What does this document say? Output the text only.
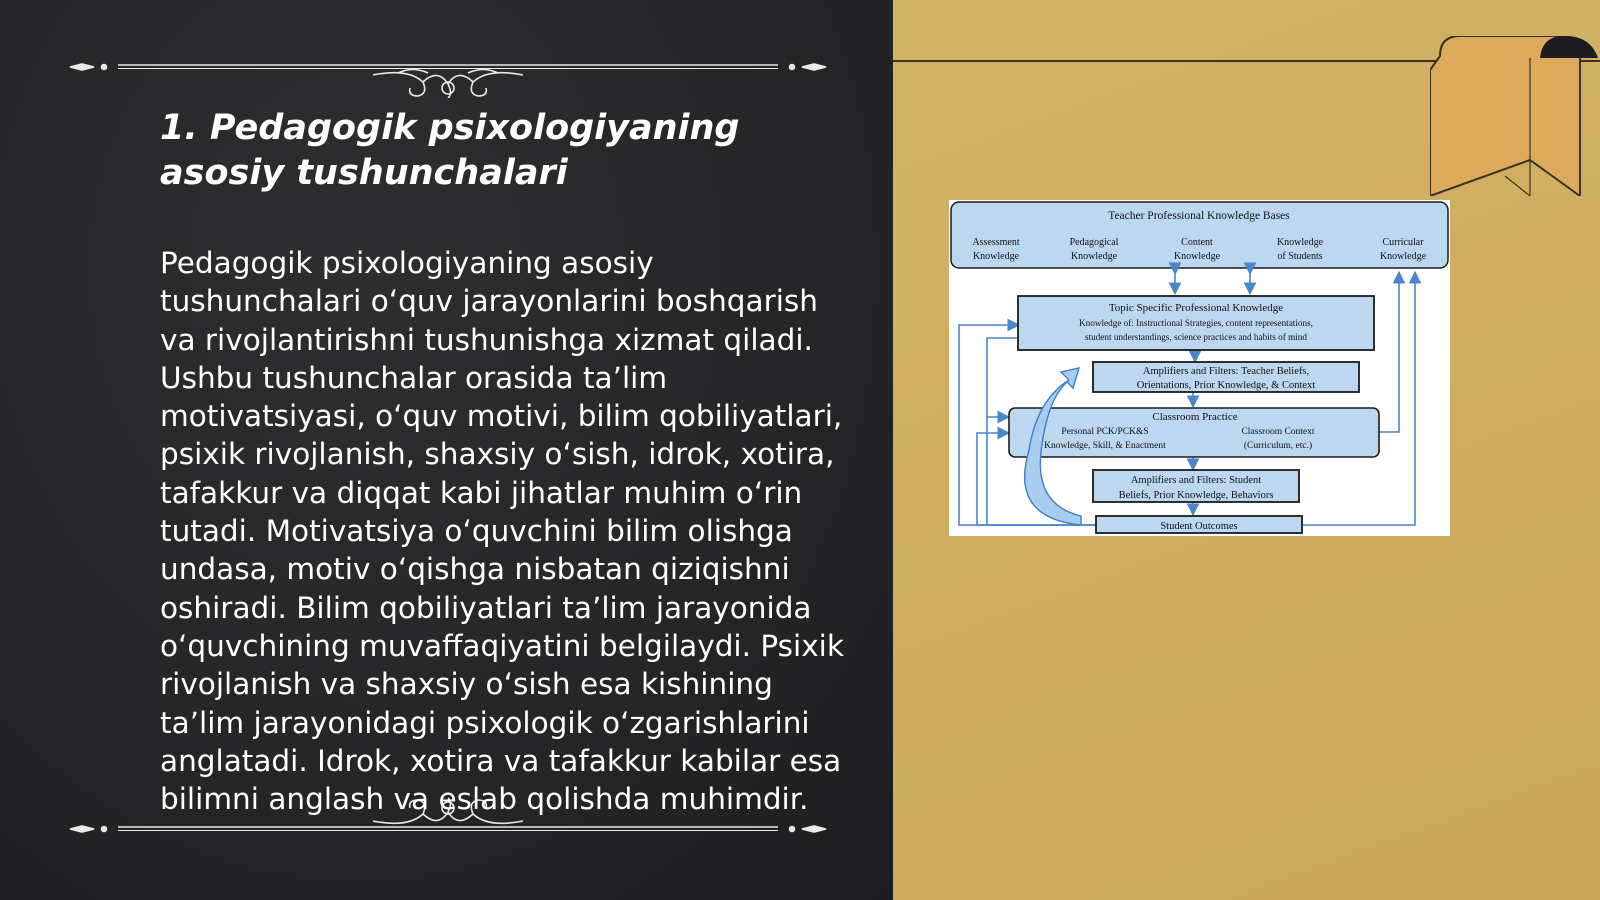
1. Pedagogik psixologiyaning asosiy tushunchalari

Pedagogik psixologiyaning asosiy tushunchalari o‘quv jarayonlarini boshqarish va rivojlantirishni tushunishga xizmat qiladi. Ushbu tushunchalar orasida ta’lim motivatsiyasi, o‘quv motivi, bilim qobiliyatlari, psixik rivojlanish, shaxsiy o‘sish, idrok, xotira, tafakkur va diqqat kabi jihatlar muhim o‘rin tutadi. Motivatsiya o‘quvchini bilim olishga undasa, motiv o‘qishga nisbatan qiziqishni oshiradi. Bilim qobiliyatlari ta’lim jarayonida o‘quvchining muvaffaqiyatini belgilaydi. Psixik rivojlanish va shaxsiy o‘sish esa kishining ta’lim jarayonidagi psixologik o‘zgarishlarini anglatadi. Idrok, xotira va tafakkur kabilar esa bilimni anglash va eslab qolishda muhimdir.

Teacher Professional Knowledge Bases
Assessment
Knowledge
Pedagogical
Knowledge
Content
Knowledge
Knowledge
of Students
Curricular
Knowledge
Topic Specific Professional Knowledge
Knowledge of: Instructional Strategies, content representations,
student understandings, science practices and habits of mind
Amplifiers and Filters: Teacher Beliefs,
Orientations, Prior Knowledge, & Context
Classroom Practice
Personal PCK/PCK&S
Knowledge, Skill, & Enactment
Classroom Context
(Curriculum, etc.)
Amplifiers and Filters: Student
Beliefs, Prior Knowledge, Behaviors
Student Outcomes
